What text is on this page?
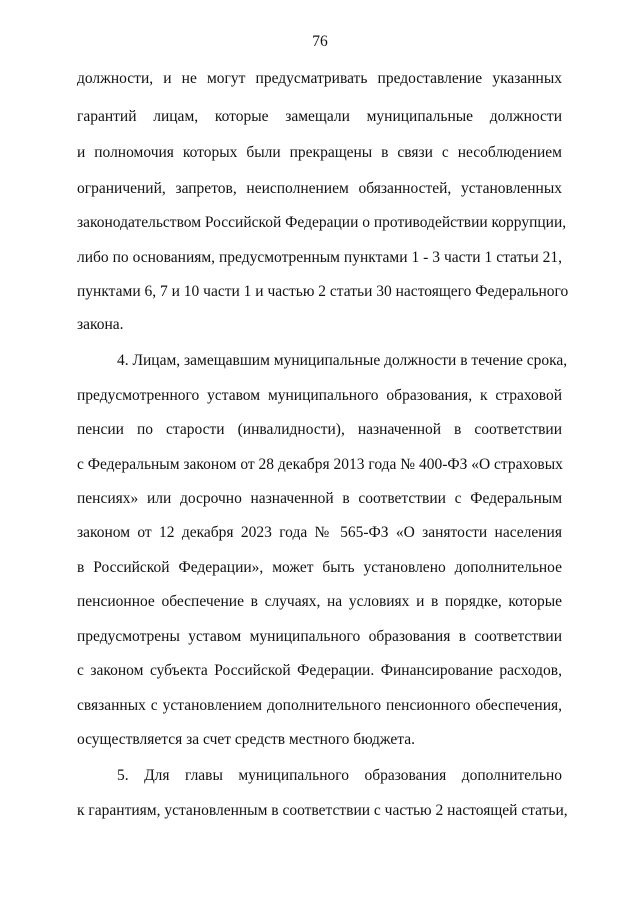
76
должности, и не могут предусматривать предоставление указанных
гарантий лицам, которые замещали муниципальные должности
и полномочия которых были прекращены в связи с несоблюдением
ограничений, запретов, неисполнением обязанностей, установленных
законодательством Российской Федерации о противодействии коррупции,
либо по основаниям, предусмотренным пунктами 1 - 3 части 1 статьи 21,
пунктами 6, 7 и 10 части 1 и частью 2 статьи 30 настоящего Федерального
закона.
4. Лицам, замещавшим муниципальные должности в течение срока,
предусмотренного уставом муниципального образования, к страховой
пенсии по старости (инвалидности), назначенной в соответствии
с Федеральным законом от 28 декабря 2013 года № 400-ФЗ «О страховых
пенсиях» или досрочно назначенной в соответствии с Федеральным
законом от 12 декабря 2023 года № 565-ФЗ «О занятости населения
в Российской Федерации», может быть установлено дополнительное
пенсионное обеспечение в случаях, на условиях и в порядке, которые
предусмотрены уставом муниципального образования в соответствии
с законом субъекта Российской Федерации. Финансирование расходов,
связанных с установлением дополнительного пенсионного обеспечения,
осуществляется за счет средств местного бюджета.
5. Для главы муниципального образования дополнительно
к гарантиям, установленным в соответствии с частью 2 настоящей статьи,
